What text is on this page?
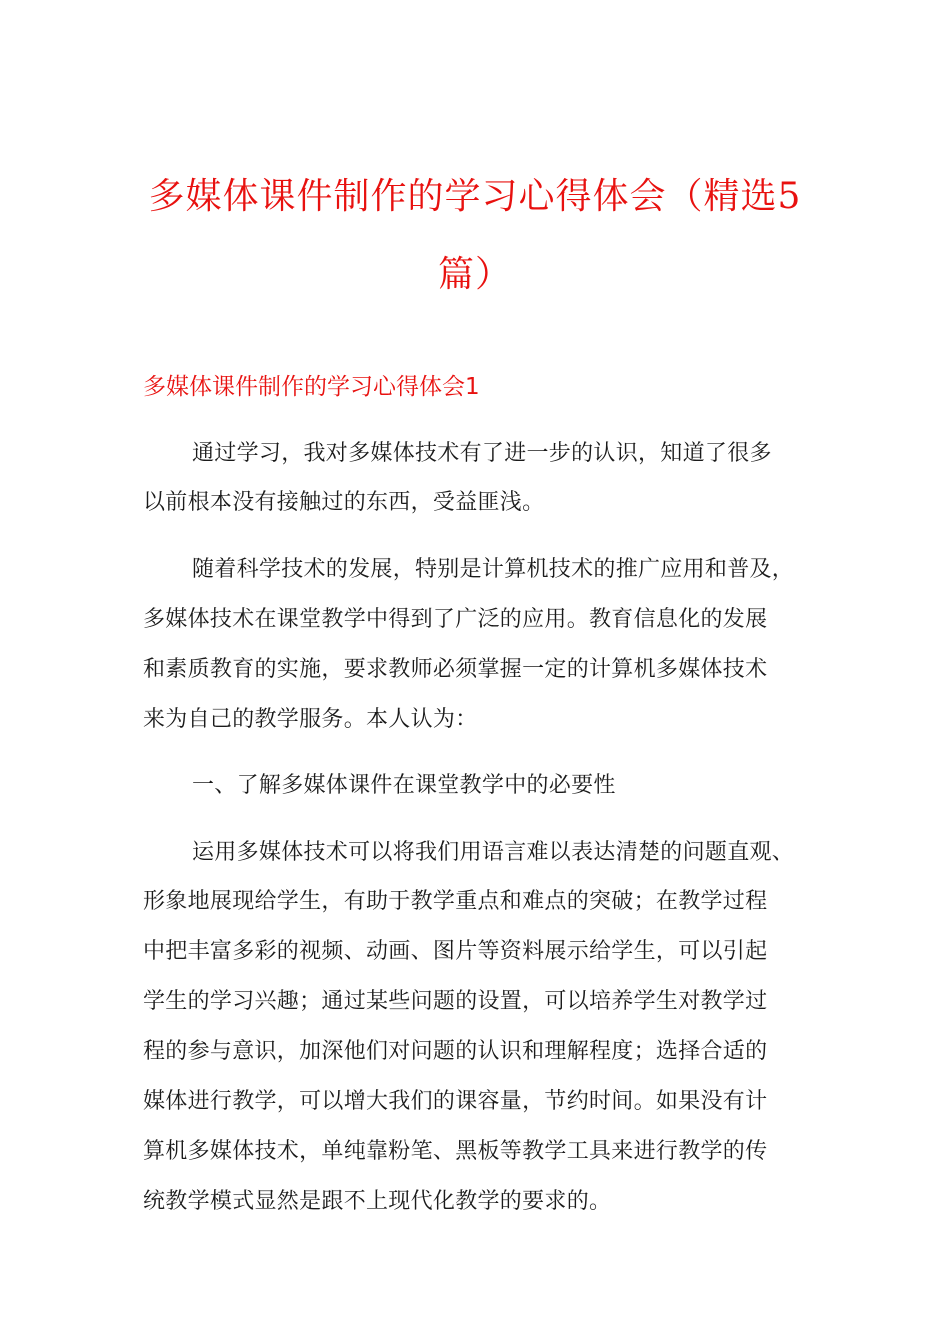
多媒体课件制作的学习心得体会（精选5
篇）
多媒体课件制作的学习心得体会1

通过学习，我对多媒体技术有了进一步的认识，知道了很多

以前根本没有接触过的东西，受益匪浅。

随着科学技术的发展，特别是计算机技术的推广应用和普及，

多媒体技术在课堂教学中得到了广泛的应用。教育信息化的发展

和素质教育的实施，要求教师必须掌握一定的计算机多媒体技术

来为自己的教学服务。本人认为：

一、了解多媒体课件在课堂教学中的必要性

运用多媒体技术可以将我们用语言难以表达清楚的问题直观、

形象地展现给学生，有助于教学重点和难点的突破；在教学过程

中把丰富多彩的视频、动画、图片等资料展示给学生，可以引起

学生的学习兴趣；通过某些问题的设置，可以培养学生对教学过

程的参与意识，加深他们对问题的认识和理解程度；选择合适的

媒体进行教学，可以增大我们的课容量，节约时间。如果没有计

算机多媒体技术，单纯靠粉笔、黑板等教学工具来进行教学的传

统教学模式显然是跟不上现代化教学的要求的。
